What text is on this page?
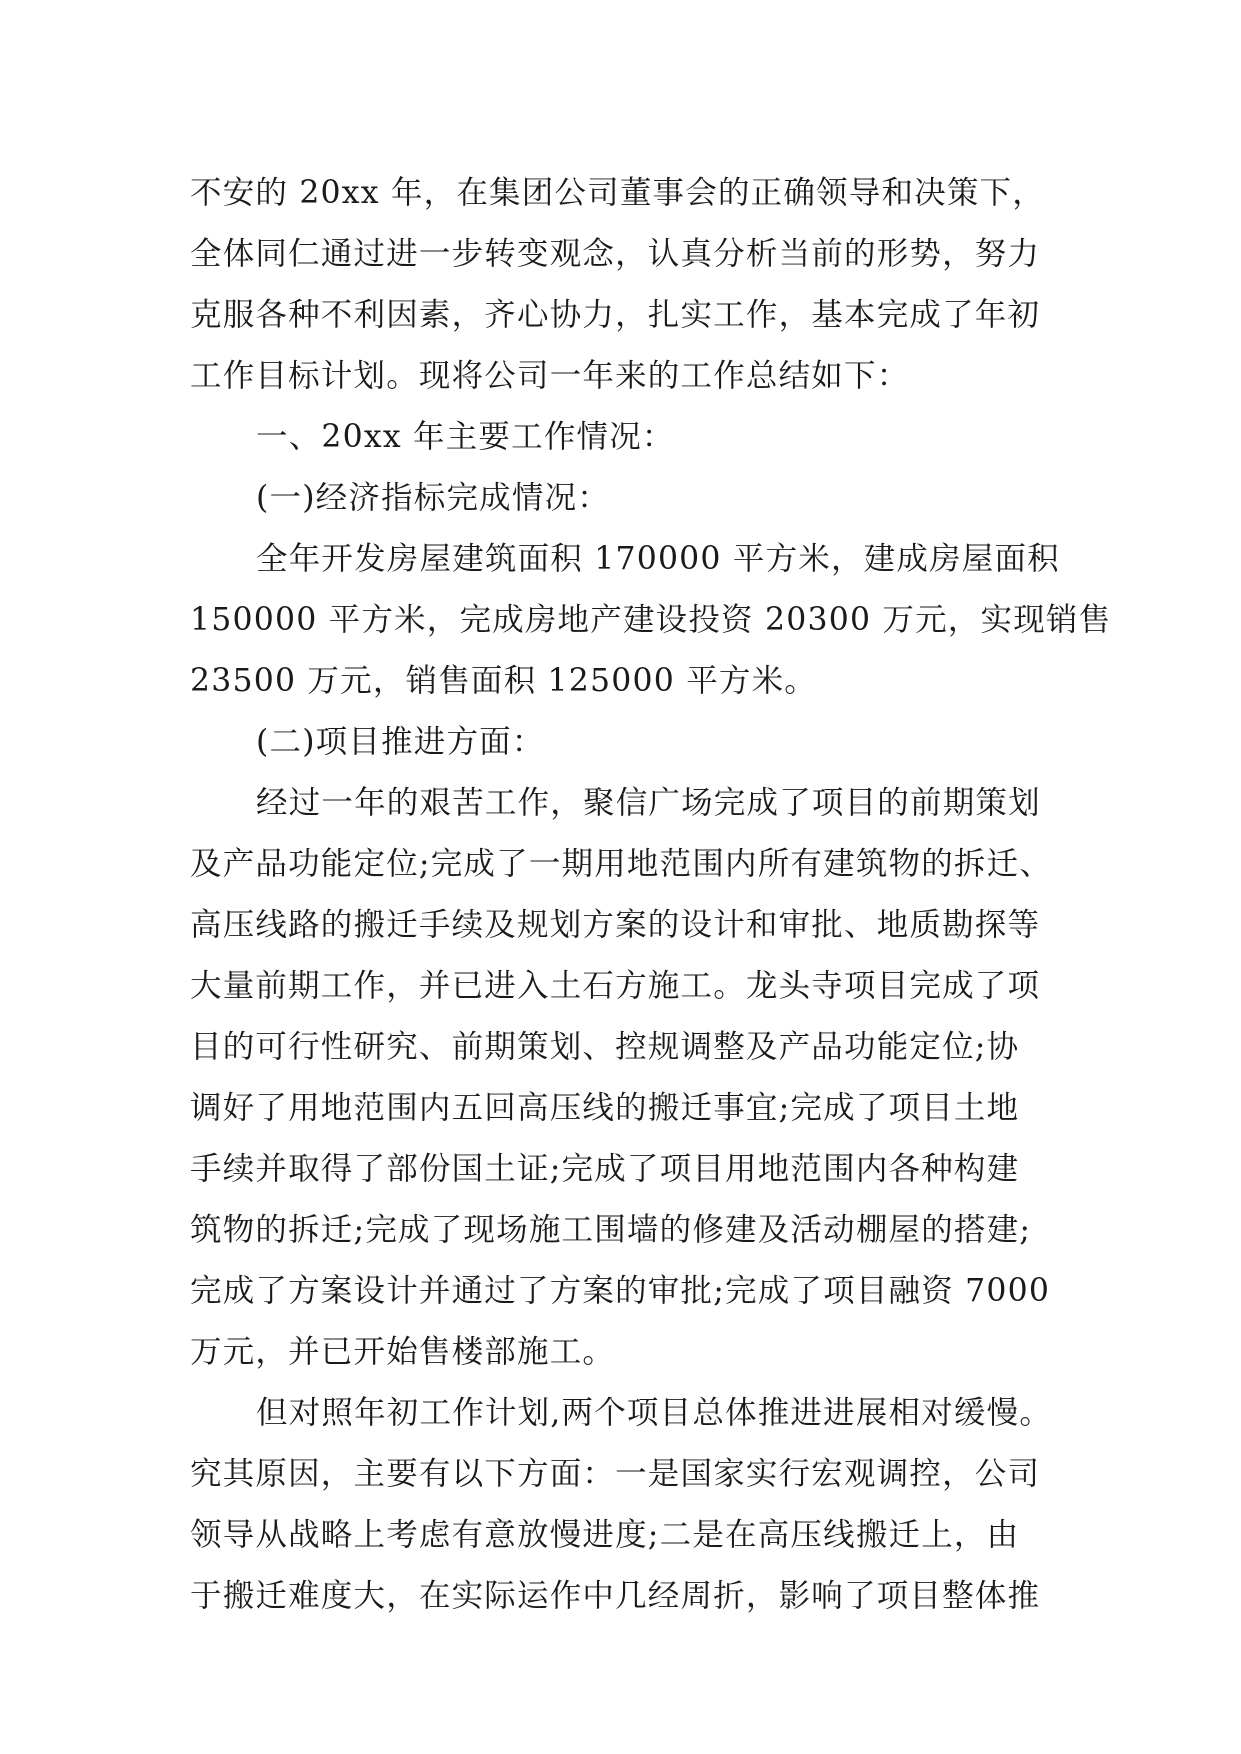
不安的 20xx 年，在集团公司董事会的正确领导和决策下，

全体同仁通过进一步转变观念，认真分析当前的形势，努力

克服各种不利因素，齐心协力，扎实工作，基本完成了年初

工作目标计划。现将公司一年来的工作总结如下：

一、20xx 年主要工作情况：

(一)经济指标完成情况：

全年开发房屋建筑面积 170000 平方米，建成房屋面积

150000 平方米，完成房地产建设投资 20300 万元，实现销售

23500 万元，销售面积 125000 平方米。

(二)项目推进方面：

经过一年的艰苦工作，聚信广场完成了项目的前期策划

及产品功能定位;完成了一期用地范围内所有建筑物的拆迁、

高压线路的搬迁手续及规划方案的设计和审批、地质勘探等

大量前期工作，并已进入土石方施工。龙头寺项目完成了项

目的可行性研究、前期策划、控规调整及产品功能定位;协

调好了用地范围内五回高压线的搬迁事宜;完成了项目土地

手续并取得了部份国土证;完成了项目用地范围内各种构建

筑物的拆迁;完成了现场施工围墙的修建及活动棚屋的搭建;

完成了方案设计并通过了方案的审批;完成了项目融资 7000

万元，并已开始售楼部施工。

但对照年初工作计划,两个项目总体推进进展相对缓慢。

究其原因，主要有以下方面：一是国家实行宏观调控，公司

领导从战略上考虑有意放慢进度;二是在高压线搬迁上，由

于搬迁难度大，在实际运作中几经周折，影响了项目整体推
